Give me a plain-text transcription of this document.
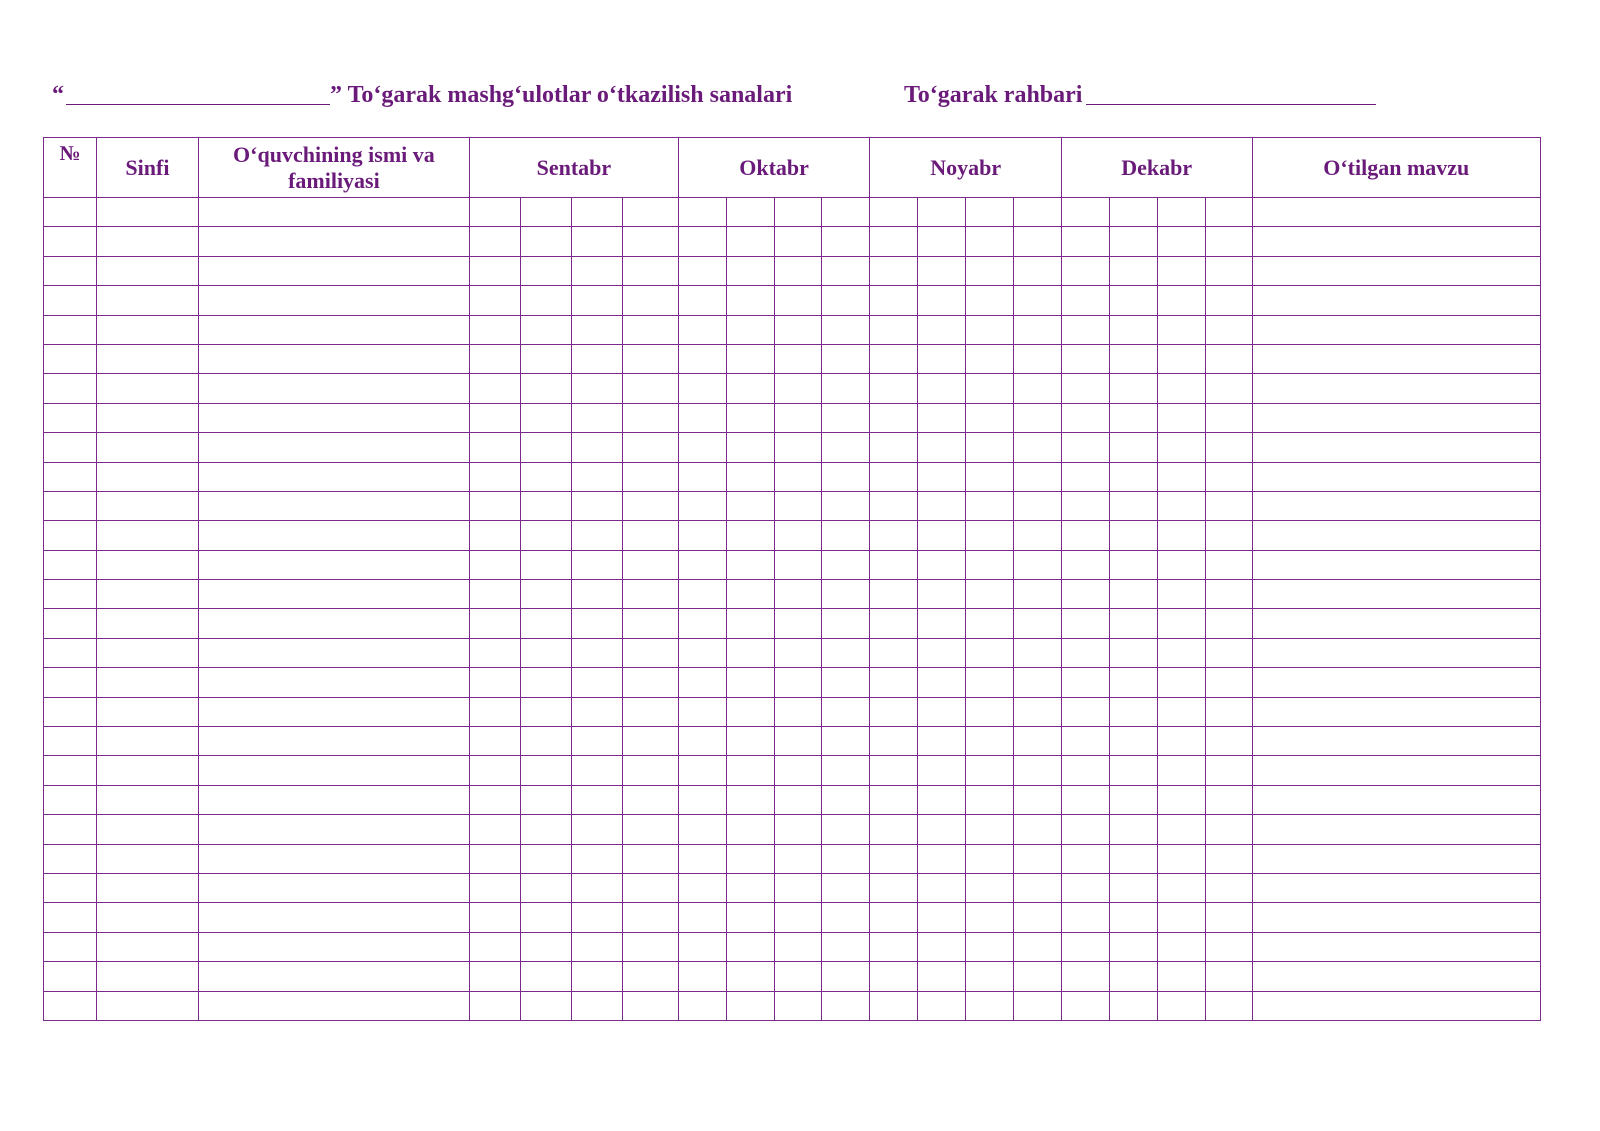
“	” To‘garak mashg‘ulotlar o‘tkazilish sanalari	To‘garak rahbari
№	Sinfi	O‘quvchining ismi va familiyasi	Sentabr				Oktabr				Noyabr				Dekabr				O‘tilgan mavzu
